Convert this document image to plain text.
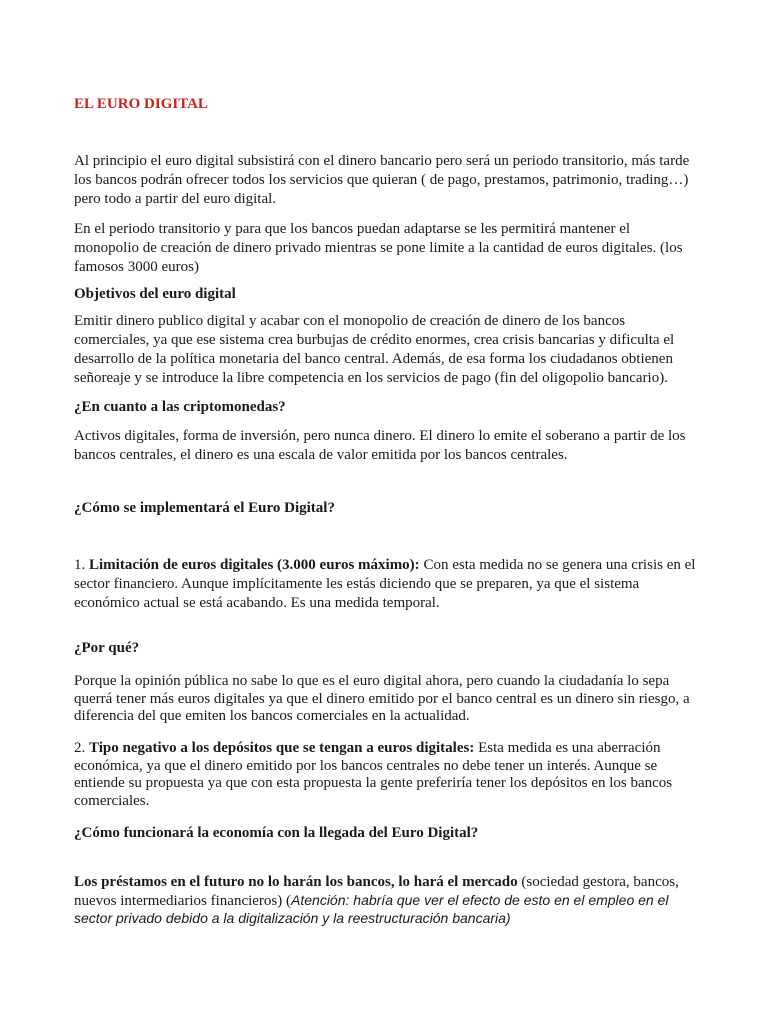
EL EURO DIGITAL

Al principio el euro digital subsistirá con el dinero bancario pero será un periodo transitorio, más tarde los bancos podrán ofrecer todos los servicios que quieran ( de pago, prestamos, patrimonio, trading…) pero todo a partir del euro digital.

En el periodo transitorio y para que los bancos puedan adaptarse se les permitirá mantener el monopolio de creación de dinero privado mientras se pone limite a la cantidad de euros digitales. (los famosos 3000 euros)

Objetivos del euro digital

Emitir dinero publico digital y acabar con el monopolio de creación de dinero de los bancos comerciales, ya que ese sistema crea burbujas de crédito enormes, crea crisis bancarias y dificulta el desarrollo de la política monetaria del banco central. Además, de esa forma los ciudadanos obtienen señoreaje y se introduce la libre competencia en los servicios de pago (fin del oligopolio bancario).

¿En cuanto a las criptomonedas?

Activos digitales, forma de inversión, pero nunca dinero. El dinero lo emite el soberano a partir de los bancos centrales, el dinero es una escala de valor emitida por los bancos centrales.

¿Cómo se implementará el Euro Digital?

1. Limitación de euros digitales (3.000 euros máximo): Con esta medida no se genera una crisis en el sector financiero. Aunque implícitamente les estás diciendo que se preparen, ya que el sistema económico actual se está acabando. Es una medida temporal.

¿Por qué?

Porque la opinión pública no sabe lo que es el euro digital ahora, pero cuando la ciudadanía lo sepa querrá tener más euros digitales ya que el dinero emitido por el banco central es un dinero sin riesgo, a diferencia del que emiten los bancos comerciales en la actualidad.

2. Tipo negativo a los depósitos que se tengan a euros digitales: Esta medida es una aberración económica, ya que el dinero emitido por los bancos centrales no debe tener un interés. Aunque se entiende su propuesta ya que con esta propuesta la gente preferiría tener los depósitos en los bancos comerciales.

¿Cómo funcionará la economía con la llegada del Euro Digital?

Los préstamos en el futuro no lo harán los bancos, lo hará el mercado (sociedad gestora, bancos, nuevos intermediarios financieros) (Atención: habría que ver el efecto de esto en el empleo en el sector privado debido a la digitalización y la reestructuración bancaria)
